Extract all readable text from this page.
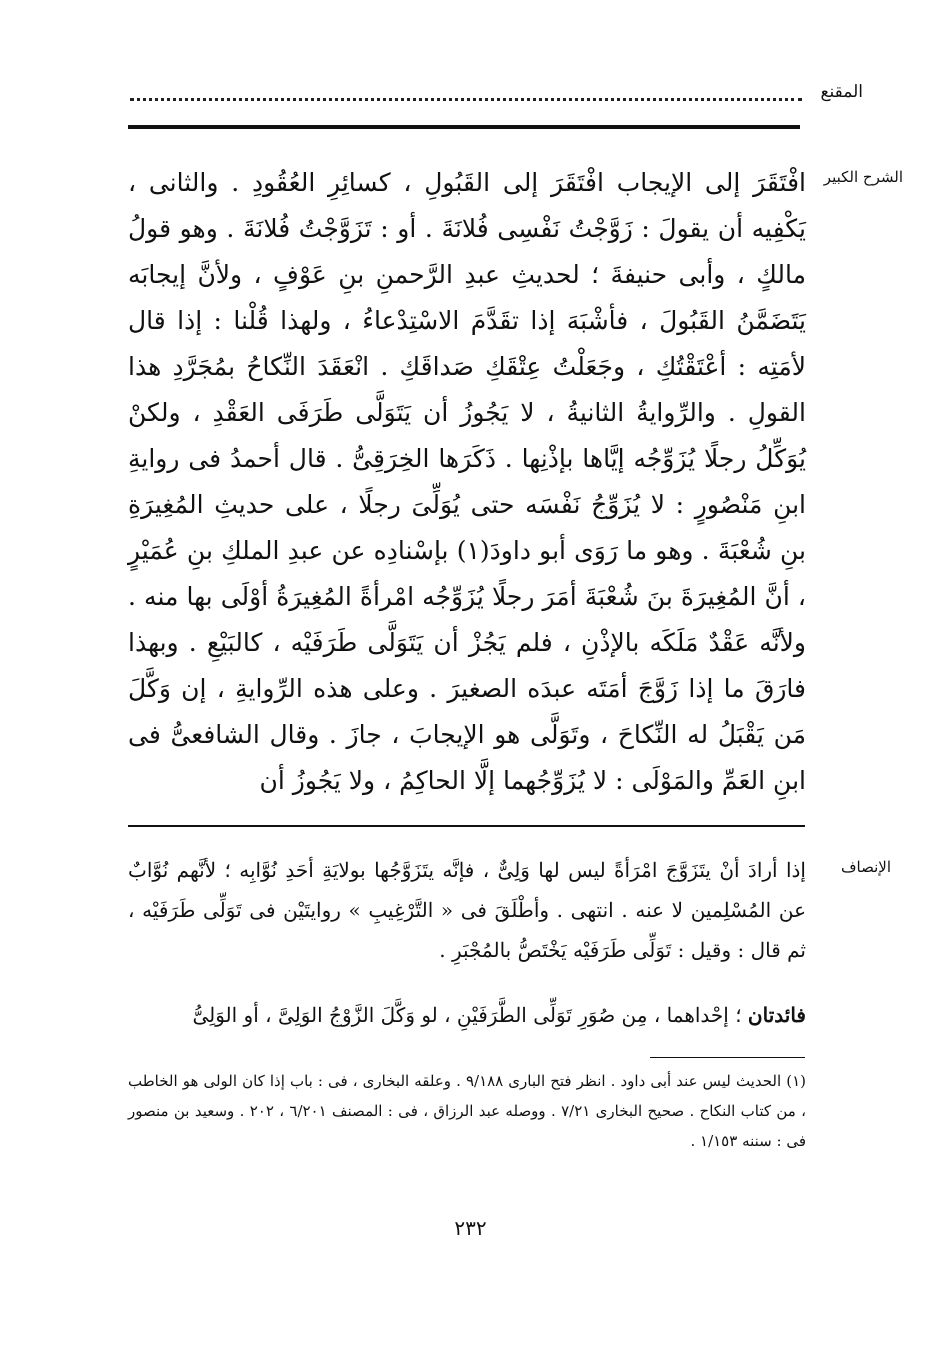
المقنع
الشرح الكبير
افْتَقَرَ إلى الإيجاب افْتَقَرَ إلى القَبُولِ ، كسائِرِ العُقُودِ . والثانى ، يَكْفِيه أن يقولَ : زَوَّجْتُ نَفْسِى فُلانَةَ . أو : تَزَوَّجْتُ فُلانَةَ . وهو قولُ مالكٍ ، وأبى حنيفةَ ؛ لحديثِ عبدِ الرَّحمنِ بنِ عَوْفٍ ، ولأنَّ إيجابَه يَتَضَمَّنُ القَبُولَ ، فأشْبَهَ إذا تقَدَّمَ الاسْتِدْعاءُ ، ولهذا قُلْنا : إذا قال لأمَتِه : أعْتَقْتُكِ ، وجَعَلْتُ عِتْقَكِ صَداقَكِ . انْعَقَدَ النِّكاحُ بمُجَرَّدِ هذا القولِ . والرِّوايةُ الثانيةُ ، لا يَجُوزُ أن يَتَوَلَّى طَرَفَى العَقْدِ ، ولكنْ يُوَكِّلُ رجلًا يُزَوِّجُه إيَّاها بإذْنِها . ذَكَرَها الخِرَقِىُّ . قال أحمدُ فى روايةِ ابنِ مَنْصُورٍ : لا يُزَوِّجُ نَفْسَه حتى يُوَلِّىَ رجلًا ، على حديثِ المُغِيرَةِ بنِ شُعْبَةَ . وهو ما رَوَى أبو داودَ(١) بإسْنادِه عن عبدِ الملكِ بنِ عُمَيْرٍ ، أنَّ المُغِيرَةَ بنَ شُعْبَةَ أمَرَ رجلًا يُزَوِّجُه امْرأةً المُغِيرَةُ أوْلَى بها منه . ولأنَّه عَقْدٌ مَلَكَه بالإذْنِ ، فلم يَجُزْ أن يَتَوَلَّى طَرَفَيْه ، كالبَيْعِ . وبهذا فارَقَ ما إذا زَوَّجَ أمَتَه عبدَه الصغيرَ . وعلى هذه الرِّوايةِ ، إن وَكَّلَ مَن يَقْبَلُ له النِّكاحَ ، وتَوَلَّى هو الإيجابَ ، جازَ . وقال الشافعىُّ فى ابنِ العَمِّ والمَوْلَى : لا يُزَوِّجُهما إلَّا الحاكِمُ ، ولا يَجُوزُ أن
الإنصاف
إذا أرادَ أنْ يتَزَوَّجَ امْرَأةً ليس لها وَلِىٌّ ، فإنَّه يتَزَوَّجُها بولايَةِ أحَدِ نُوَّابِه ؛ لأنَّهم نُوَّابٌ عن المُسْلِمين لا عنه . انتهى . وأطْلَقَ فى « التَّرْغِيبِ » روايتَيْن فى تَوَلِّى طَرَفَيْه ، ثم قال : وقيل : تَوَلِّى طَرَفَيْه يَخْتَصُّ بالمُجْبَرِ .
فائدتان ؛ إحْداهما ، مِن صُوَرِ تَوَلِّى الطَّرَفَيْنِ ، لو وَكَّلَ الزَّوْجُ الوَلِىَّ ، أو الوَلِىُّ
(١) الحديث ليس عند أبى داود . انظر فتح البارى ٩/١٨٨ . وعلقه البخارى ، فى : باب إذا كان الولى هو الخاطب ، من كتاب النكاح . صحيح البخارى ٧/٢١ . ووصله عبد الرزاق ، فى : المصنف ٦/٢٠١ ، ٢٠٢ . وسعيد بن منصور فى : سننه ١/١٥٣ .
٢٣٢
